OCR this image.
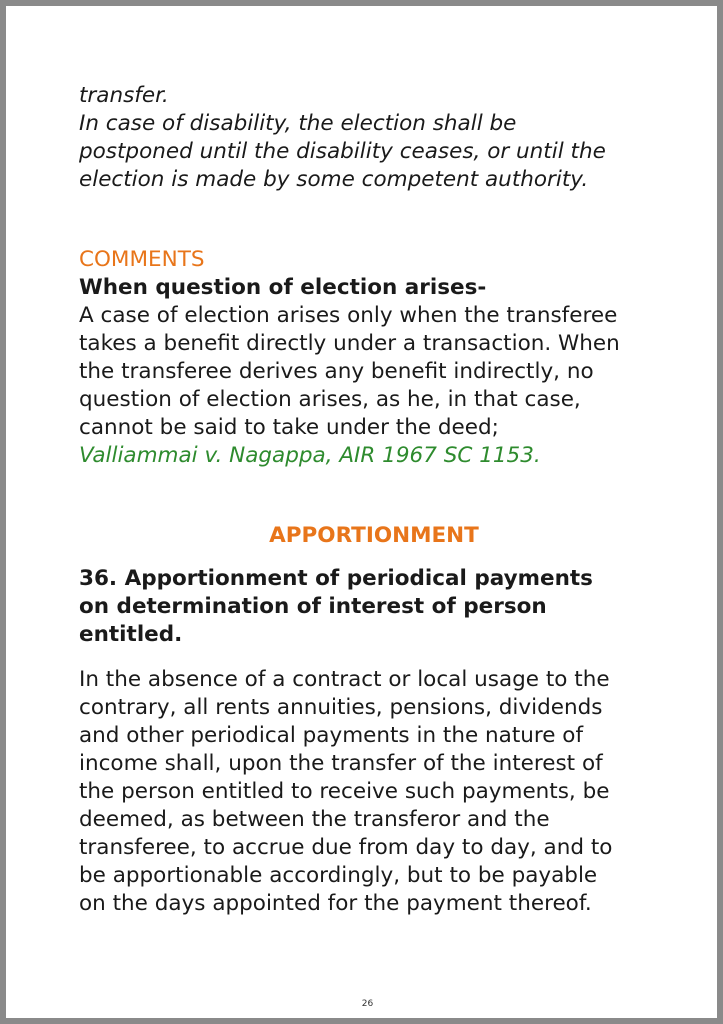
transfer.

In case of disability, the election shall be

postponed until the disability ceases, or until the

election is made by some competent authority.

COMMENTS
When question of election arises-

A case of election arises only when the transferee

takes a benefit directly under a transaction. When

the transferee derives any benefit indirectly, no

question of election arises, as he, in that case,

cannot be said to take under the deed;

Valliammai v. Nagappa, AIR 1967 SC 1153.
APPORTIONMENT

36. Apportionment of periodical payments

on determination of interest of person

entitled.

In the absence of a contract or local usage to the

contrary, all rents annuities, pensions, dividends

and other periodical payments in the nature of

income shall, upon the transfer of the interest of

the person entitled to receive such payments, be

deemed, as between the transferor and the

transferee, to accrue due from day to day, and to

be apportionable accordingly, but to be payable

on the days appointed for the payment thereof.

26
